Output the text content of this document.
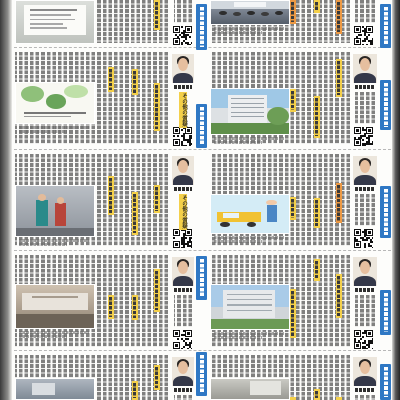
その他の質疑
その他の質疑
